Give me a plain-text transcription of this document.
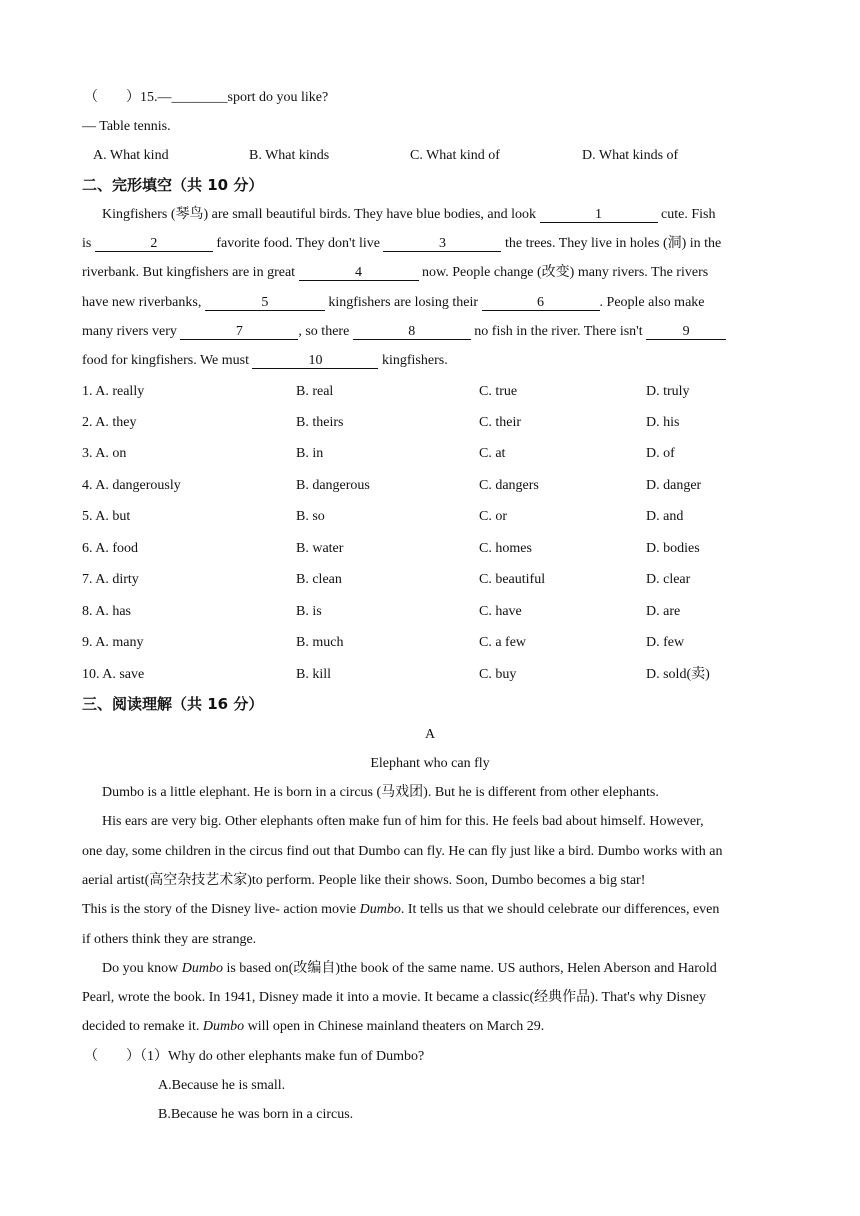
（　　）15.—________sport do you like?
— Table tennis.
A. What kind	B. What kinds	C. What kind of	D. What kinds of
二、完形填空（共 10 分）
Kingfishers (琴鸟) are small beautiful birds. They have blue bodies, and look	1	cute. Fish
is	2	favorite food. They don't live	3	the trees. They live in holes (洞) in the
riverbank. But kingfishers are in great	4	now. People change (改变) many rivers. The rivers
have new riverbanks,	5	kingfishers are losing their	6	. People also make
many rivers very	7	, so there	8	no fish in the river. There isn't	9
food for kingfishers. We must	10	kingfishers.
1. A. really	B. real	C. true	D. truly
2. A. they	B. theirs	C. their	D. his
3. A. on	B. in	C. at	D. of
4. A. dangerously	B. dangerous	C. dangers	D. danger
5. A. but	B. so	C. or	D. and
6. A. food	B. water	C. homes	D. bodies
7. A. dirty	B. clean	C. beautiful	D. clear
8. A. has	B. is	C. have	D. are
9. A. many	B. much	C. a few	D. few
10. A. save	B. kill	C. buy	D. sold(卖)
三、阅读理解（共 16 分）
A
Elephant who can fly
Dumbo is a little elephant. He is born in a circus (马戏团). But he is different from other elephants.
His ears are very big. Other elephants often make fun of him for this. He feels bad about himself. However,
one day, some children in the circus find out that Dumbo can fly. He can fly just like a bird. Dumbo works with an
aerial artist(高空杂技艺术家)to perform. People like their shows. Soon, Dumbo becomes a big star!
This is the story of the Disney live- action movie Dumbo. It tells us that we should celebrate our differences, even
if others think they are strange.
Do you know Dumbo is based on(改编自)the book of the same name. US authors, Helen Aberson and Harold
Pearl, wrote the book. In 1941, Disney made it into a movie. It became a classic(经典作品). That's why Disney
decided to remake it. Dumbo will open in Chinese mainland theaters on March 29.
（　　）（1）Why do other elephants make fun of Dumbo?
A.Because he is small.
B.Because he was born in a circus.
